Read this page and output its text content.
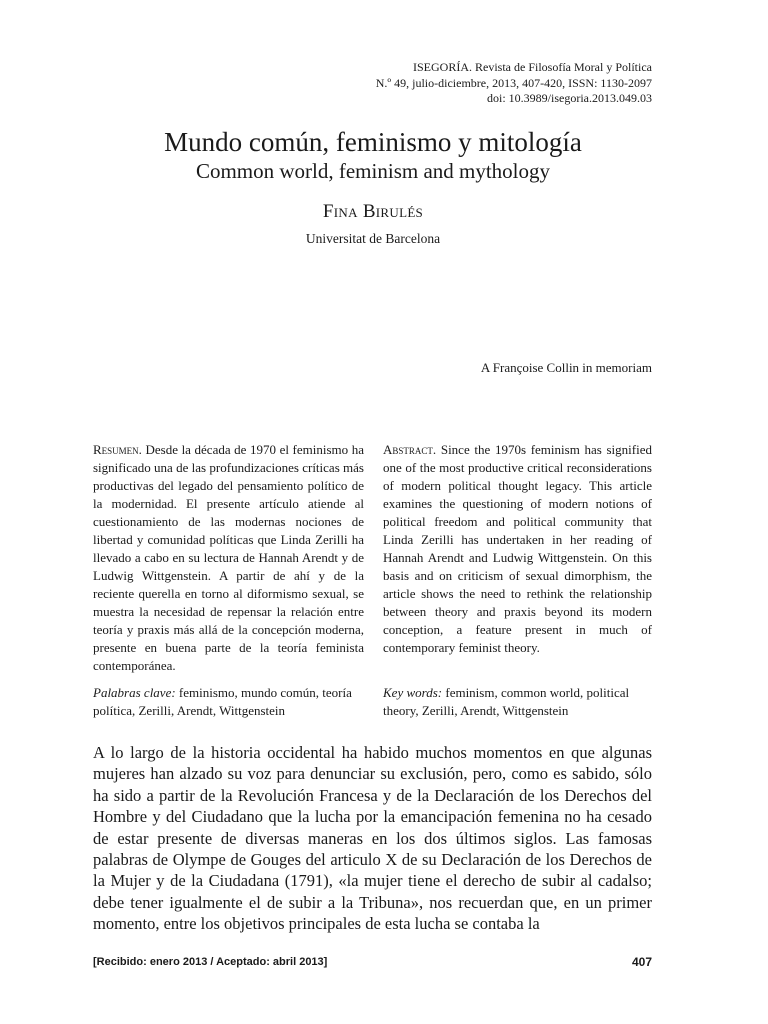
ISEGORÍA. Revista de Filosofía Moral y Política
N.º 49, julio-diciembre, 2013, 407-420, ISSN: 1130-2097
doi: 10.3989/isegoria.2013.049.03
Mundo común, feminismo y mitología
Common world, feminism and mythology
Fina Birulés
Universitat de Barcelona
A Françoise Collin in memoriam

Resumen. Desde la década de 1970 el feminismo ha significado una de las profundizaciones críticas más productivas del legado del pensamiento político de la modernidad. El presente artículo atiende al cuestionamiento de las modernas nociones de libertad y comunidad políticas que Linda Zerilli ha llevado a cabo en su lectura de Hannah Arendt y de Ludwig Wittgenstein. A partir de ahí y de la reciente querella en torno al diformismo sexual, se muestra la necesidad de repensar la relación entre teoría y praxis más allá de la concepción moderna, presente en buena parte de la teoría feminista contemporánea.

Abstract. Since the 1970s feminism has signified one of the most productive critical reconsiderations of modern political thought legacy. This article examines the questioning of modern notions of political freedom and political community that Linda Zerilli has undertaken in her reading of Hannah Arendt and Ludwig Wittgenstein. On this basis and on criticism of sexual dimorphism, the article shows the need to rethink the relationship between theory and praxis beyond its modern conception, a feature present in much of contemporary feminist theory.

Palabras clave: feminismo, mundo común, teoría política, Zerilli, Arendt, Wittgenstein
Key words: feminism, common world, political theory, Zerilli, Arendt, Wittgenstein

A lo largo de la historia occidental ha habido muchos momentos en que algunas mujeres han alzado su voz para denunciar su exclusión, pero, como es sabido, sólo ha sido a partir de la Revolución Francesa y de la Declaración de los Derechos del Hombre y del Ciudadano que la lucha por la emancipación femenina no ha cesado de estar presente de diversas maneras en los dos últimos siglos. Las famosas palabras de Olympe de Gouges del articulo X de su Declaración de los Derechos de la Mujer y de la Ciudadana (1791), «la mujer tiene el derecho de subir al cadalso; debe tener igualmente el de subir a la Tribuna», nos recuerdan que, en un primer momento, entre los objetivos principales de esta lucha se contaba la

[Recibido: enero 2013 / Aceptado: abril 2013]	407
